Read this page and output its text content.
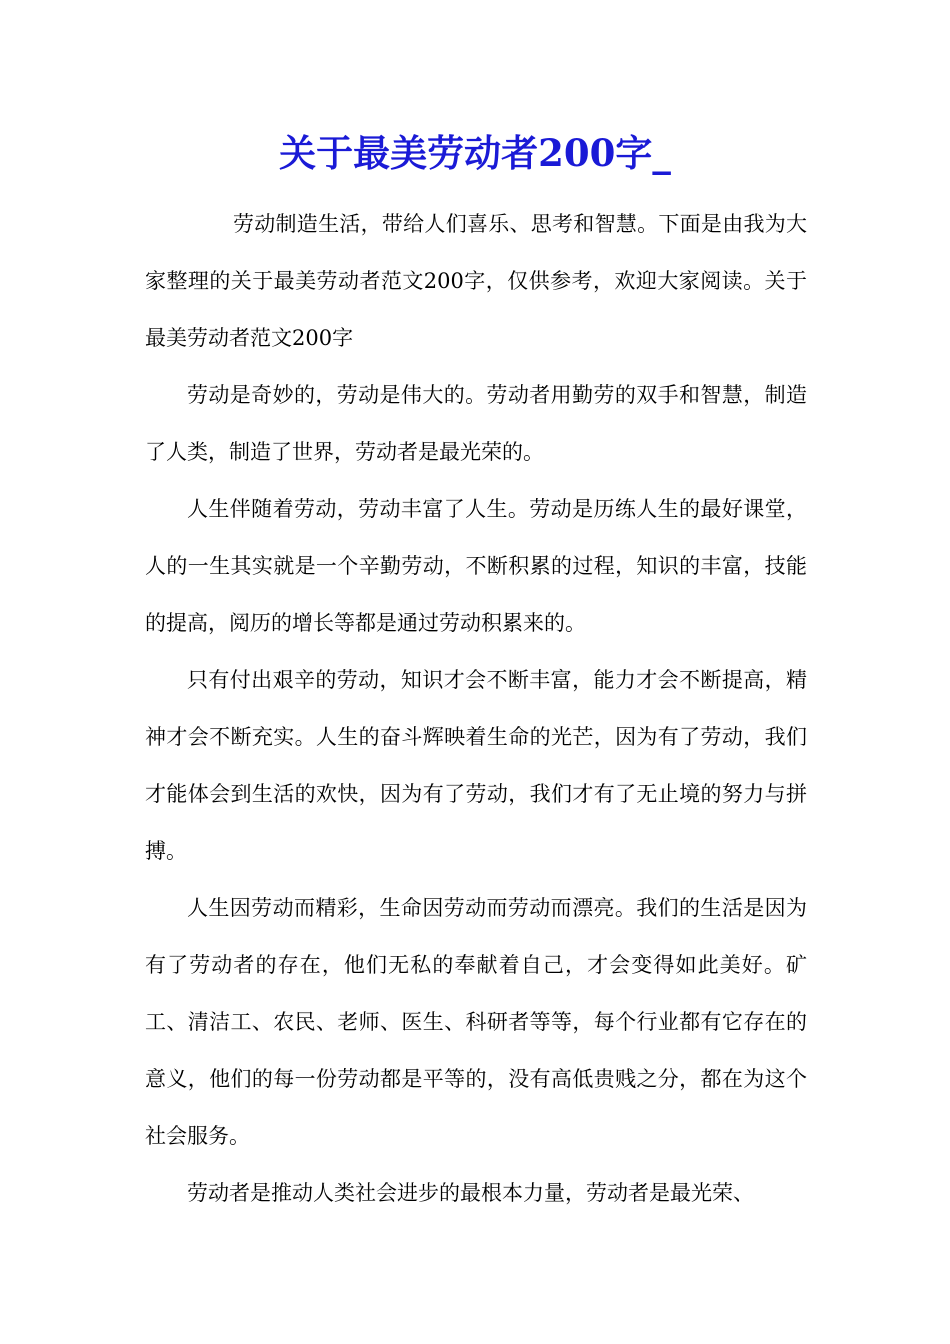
关于最美劳动者200字_

劳动制造生活，带给人们喜乐、思考和智慧。下面是由我为大家整理的关于最美劳动者范文200字，仅供参考，欢迎大家阅读。关于最美劳动者范文200字

劳动是奇妙的，劳动是伟大的。劳动者用勤劳的双手和智慧，制造了人类，制造了世界，劳动者是最光荣的。

人生伴随着劳动，劳动丰富了人生。劳动是历练人生的最好课堂，人的一生其实就是一个辛勤劳动，不断积累的过程，知识的丰富，技能的提高，阅历的增长等都是通过劳动积累来的。

只有付出艰辛的劳动，知识才会不断丰富，能力才会不断提高，精神才会不断充实。人生的奋斗辉映着生命的光芒，因为有了劳动，我们才能体会到生活的欢快，因为有了劳动，我们才有了无止境的努力与拼搏。

人生因劳动而精彩，生命因劳动而劳动而漂亮。我们的生活是因为有了劳动者的存在，他们无私的奉献着自己，才会变得如此美好。矿工、清洁工、农民、老师、医生、科研者等等，每个行业都有它存在的意义，他们的每一份劳动都是平等的，没有高低贵贱之分，都在为这个社会服务。

劳动者是推动人类社会进步的最根本力量，劳动者是最光荣、
